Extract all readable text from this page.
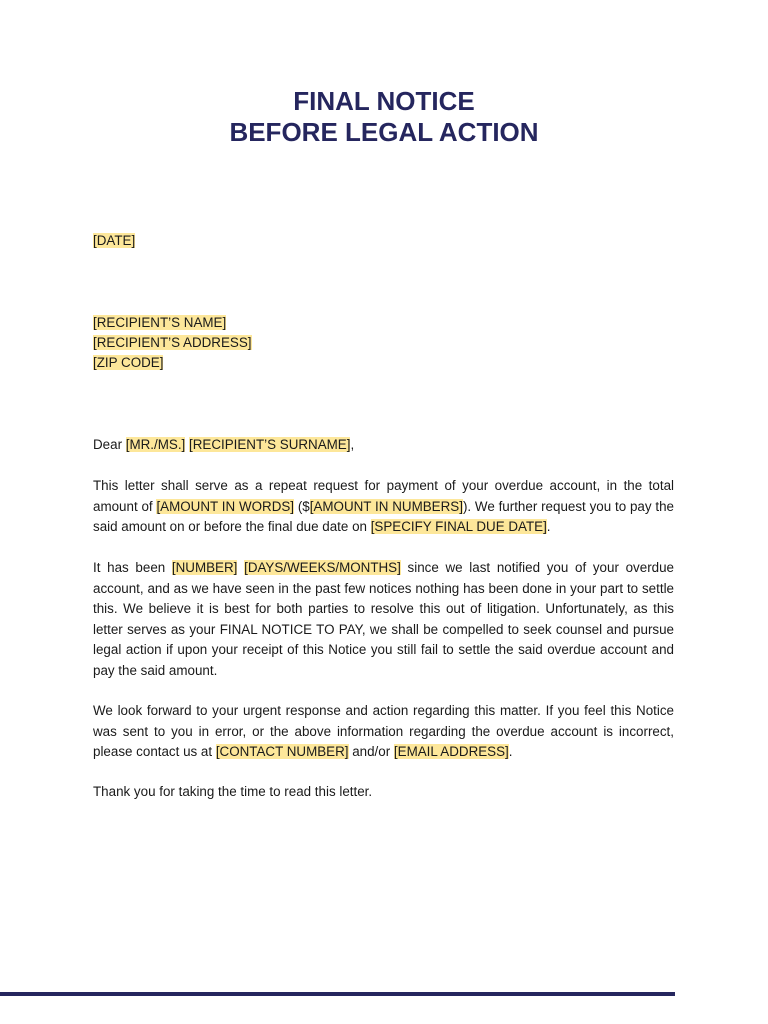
FINAL NOTICE
BEFORE LEGAL ACTION
[DATE]
[RECIPIENT’S NAME]
[RECIPIENT’S ADDRESS]
[ZIP CODE]
Dear [MR./MS.] [RECIPIENT’S SURNAME],

This letter shall serve as a repeat request for payment of your overdue account, in the total amount of [AMOUNT IN WORDS] ($[AMOUNT IN NUMBERS]). We further request you to pay the said amount on or before the final due date on [SPECIFY FINAL DUE DATE].

It has been [NUMBER] [DAYS/WEEKS/MONTHS] since we last notified you of your overdue account, and as we have seen in the past few notices nothing has been done in your part to settle this. We believe it is best for both parties to resolve this out of litigation. Unfortunately, as this letter serves as your FINAL NOTICE TO PAY, we shall be compelled to seek counsel and pursue legal action if upon your receipt of this Notice you still fail to settle the said overdue account and pay the said amount.

We look forward to your urgent response and action regarding this matter. If you feel this Notice was sent to you in error, or the above information regarding the overdue account is incorrect, please contact us at [CONTACT NUMBER] and/or [EMAIL ADDRESS].

Thank you for taking the time to read this letter.
